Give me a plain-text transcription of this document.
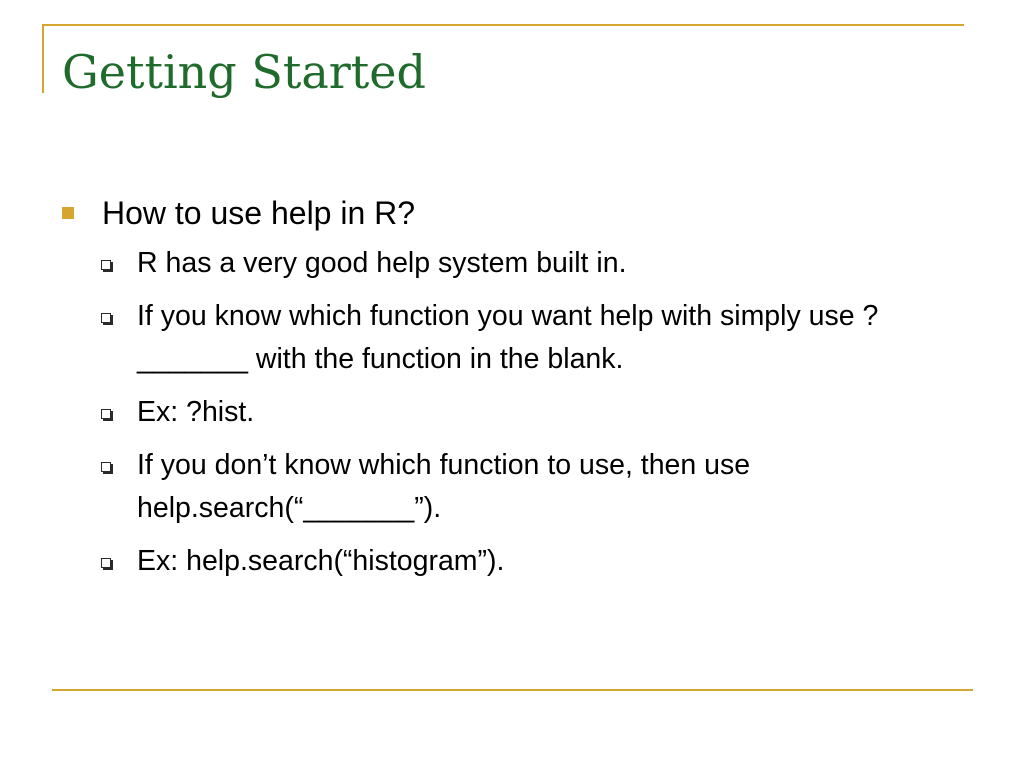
Getting Started
How to use help in R?
R has a very good help system built in.
If you know which function you want help with simply use ?_______ with the function in the blank.
Ex: ?hist.
If you don’t know which function to use, then use help.search(“_______”).
Ex: help.search(“histogram”).
